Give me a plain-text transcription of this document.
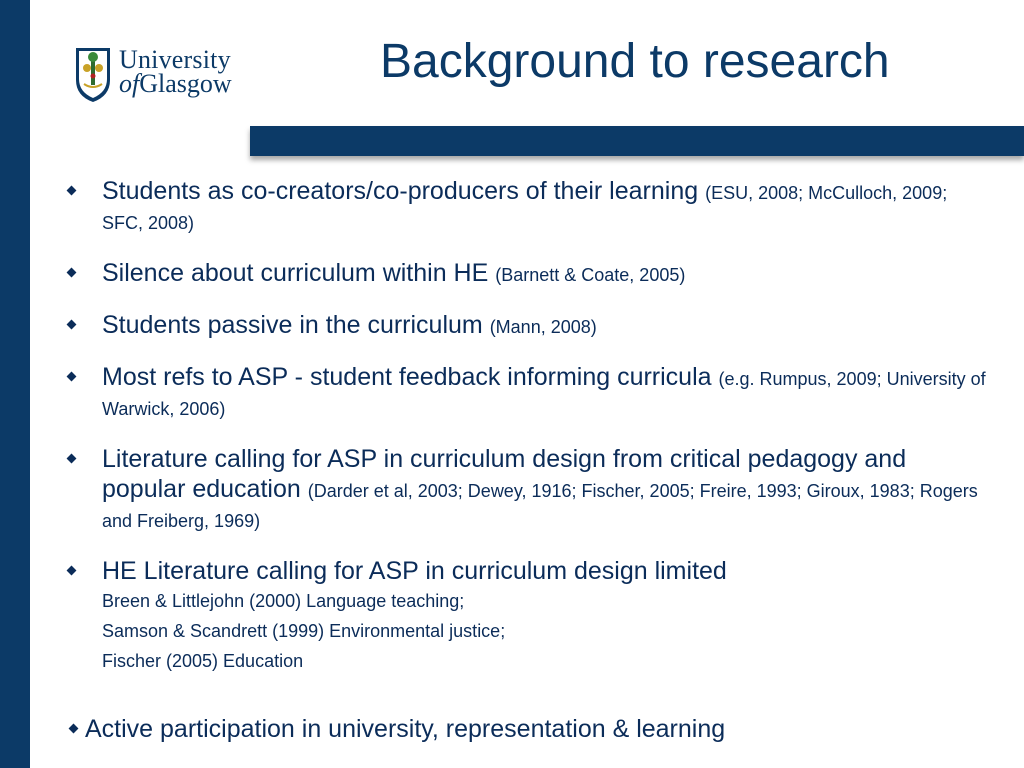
University
ofGlasgow	Background to research
Students as co-creators/co-producers of their learning (ESU, 2008; McCulloch, 2009; SFC, 2008)
Silence about curriculum within HE (Barnett & Coate, 2005)
Students passive in the curriculum (Mann, 2008)
Most refs to ASP - student feedback informing curricula (e.g. Rumpus, 2009; University of Warwick, 2006)
Literature calling for ASP in curriculum design from critical pedagogy and popular education (Darder et al, 2003; Dewey, 1916; Fischer, 2005; Freire, 1993; Giroux, 1983; Rogers and Freiberg, 1969)
HE Literature calling for ASP in curriculum design limited
Breen & Littlejohn (2000) Language teaching;
Samson & Scandrett (1999) Environmental justice;
Fischer (2005) Education
Active participation in university, representation & learning
